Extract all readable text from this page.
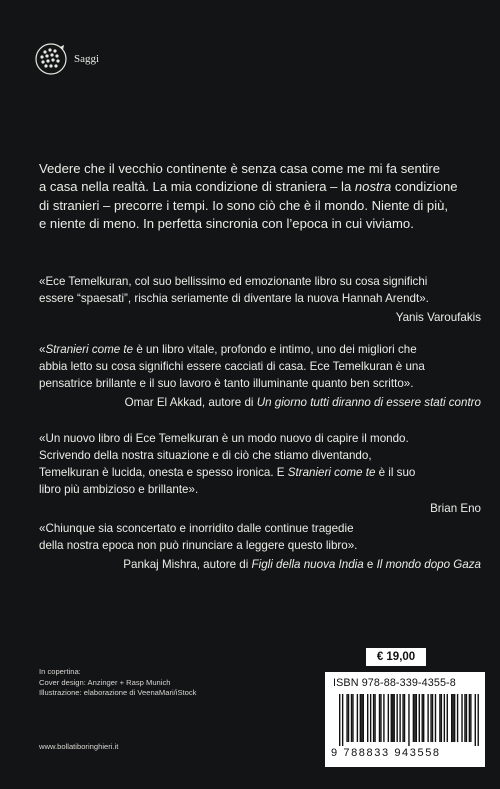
Saggi
Vedere che il vecchio continente è senza casa come me mi fa sentire
a casa nella realtà. La mia condizione di straniera – la nostra condizione
di stranieri – precorre i tempi. Io sono ciò che è il mondo. Niente di più,
e niente di meno. In perfetta sincronia con l’epoca in cui viviamo.

«Ece Temelkuran, col suo bellissimo ed emozionante libro su cosa significhi

essere “spaesati”, rischia seriamente di diventare la nuova Hannah Arendt».

Yanis Varoufakis

«Stranieri come te è un libro vitale, profondo e intimo, uno dei migliori che

abbia letto su cosa significhi essere cacciati di casa. Ece Temelkuran è una

pensatrice brillante e il suo lavoro è tanto illuminante quanto ben scritto».

Omar El Akkad, autore di Un giorno tutti diranno di essere stati contro

«Un nuovo libro di Ece Temelkuran è un modo nuovo di capire il mondo.

Scrivendo della nostra situazione e di ciò che stiamo diventando,

Temelkuran è lucida, onesta e spesso ironica. E Stranieri come te è il suo

libro più ambizioso e brillante».

Brian Eno

«Chiunque sia sconcertato e inorridito dalle continue tragedie

della nostra epoca non può rinunciare a leggere questo libro».

Pankaj Mishra, autore di Figli della nuova India e Il mondo dopo Gaza
In copertina:
Cover design: Anzinger + Rasp Munich
Illustrazione: elaborazione di VeenaMari/iStock
www.bollatiboringhieri.it
€ 19,00
ISBN 978-88-339-4355-8
9 788833 943558
